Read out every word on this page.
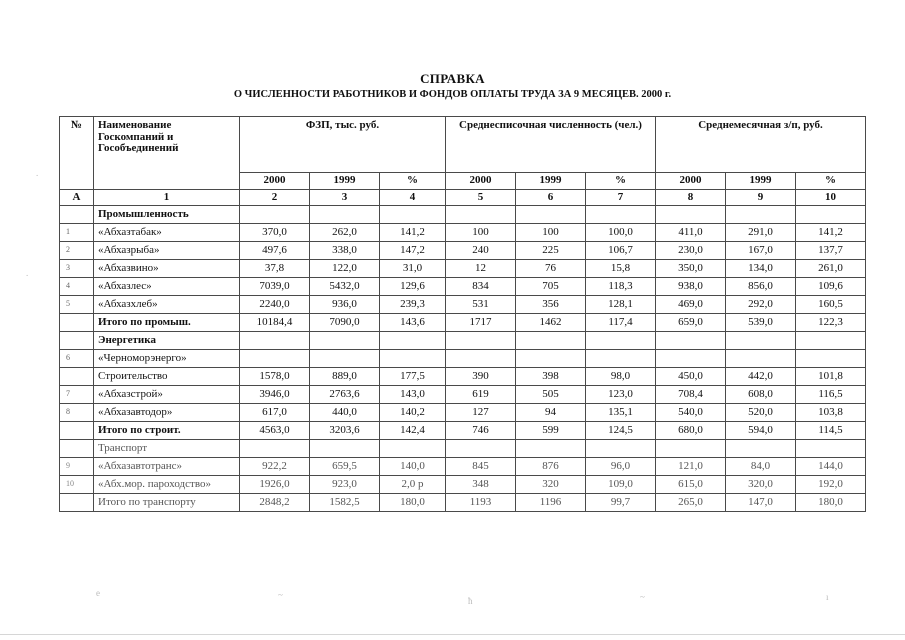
СПРАВКА
О ЧИСЛЕННОСТИ РАБОТНИКОВ И ФОНДОВ ОПЛАТЫ ТРУДА ЗА 9 МЕСЯЦЕВ. 2000 г.
№	Наименование
Госкомпаний и
Гособъединений	ФЗП, тыс. руб.			Среднесписочная численность (чел.)			Среднемесячная з/п, руб.		
		2000	1999	%	2000	1999	%	2000	1999	%
А	1	2	3	4	5	6	7	8	9	10
	Промышленность									
1	«Абхазтабак»	370,0	262,0	141,2	100	100	100,0	411,0	291,0	141,2
2	«Абхазрыба»	497,6	338,0	147,2	240	225	106,7	230,0	167,0	137,7
3	«Абхазвино»	37,8	122,0	31,0	12	76	15,8	350,0	134,0	261,0
4	«Абхазлес»	7039,0	5432,0	129,6	834	705	118,3	938,0	856,0	109,6
5	«Абхазхлеб»	2240,0	936,0	239,3	531	356	128,1	469,0	292,0	160,5
	Итого по промыш.	10184,4	7090,0	143,6	1717	1462	117,4	659,0	539,0	122,3
	Энергетика									
6	«Черноморэнерго»									
	Строительство	1578,0	889,0	177,5	390	398	98,0	450,0	442,0	101,8
7	«Абхазстрой»	3946,0	2763,6	143,0	619	505	123,0	708,4	608,0	116,5
8	«Абхазавтодор»	617,0	440,0	140,2	127	94	135,1	540,0	520,0	103,8
	Итого по строит.	4563,0	3203,6	142,4	746	599	124,5	680,0	594,0	114,5
	Транспорт									
9	«Абхазавтотранс»	922,2	659,5	140,0	845	876	96,0	121,0	84,0	144,0
10	«Абх.мор. пароходство»	1926,0	923,0	2,0 р	348	320	109,0	615,0	320,0	192,0
	Итого по транспорту	2848,2	1582,5	180,0	1193	1196	99,7	265,0	147,0	180,0
e	~
ћ	~	ı
.
.
